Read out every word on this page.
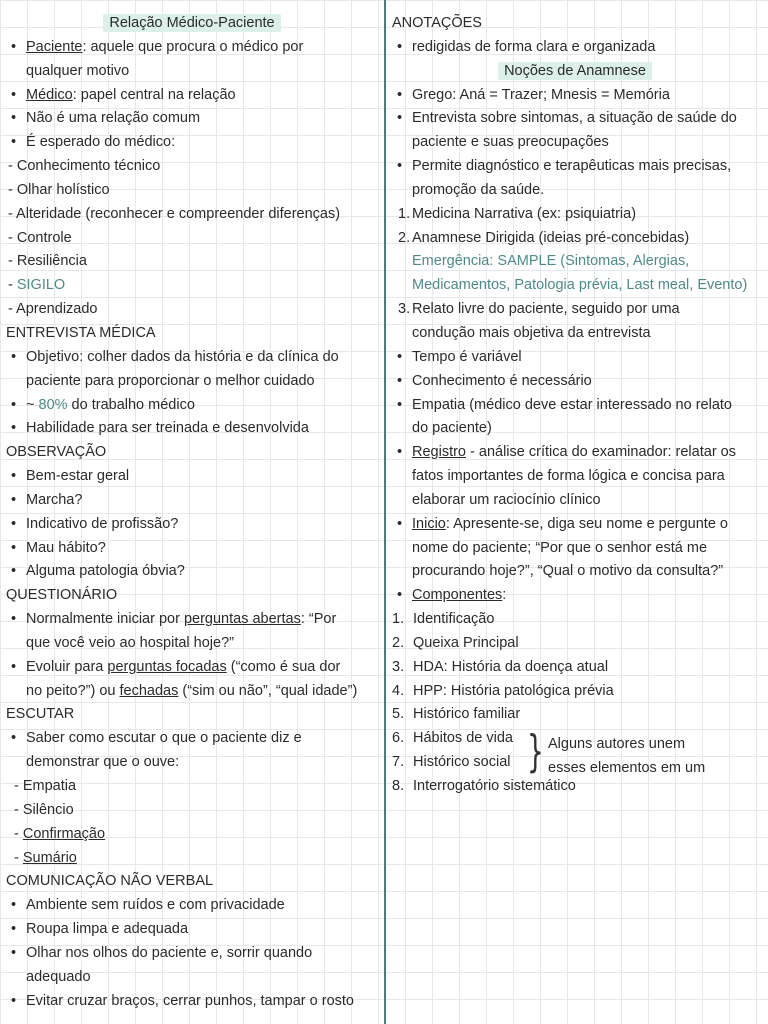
Relação Médico-Paciente
• Paciente: aquele que procura o médico por
qualquer motivo
• Médico: papel central na relação
• Não é uma relação comum
• É esperado do médico:
- Conhecimento técnico
- Olhar holístico
- Alteridade (reconhecer e compreender diferenças)
- Controle
- Resiliência
- SIGILO
- Aprendizado
ENTREVISTA MÉDICA
• Objetivo: colher dados da história e da clínica do
paciente para proporcionar o melhor cuidado
• ~ 80% do trabalho médico
• Habilidade para ser treinada e desenvolvida
OBSERVAÇÃO
• Bem-estar geral
• Marcha?
• Indicativo de profissão?
• Mau hábito?
• Alguma patologia óbvia?
QUESTIONÁRIO
• Normalmente iniciar por perguntas abertas: “Por
que você veio ao hospital hoje?”
• Evoluir para perguntas focadas (“como é sua dor
no peito?”) ou fechadas (“sim ou não”, “qual idade”)
ESCUTAR
• Saber como escutar o que o paciente diz e
demonstrar que o ouve:
- Empatia
- Silêncio
- Confirmação
- Sumário
COMUNICAÇÃO NÃO VERBAL
• Ambiente sem ruídos e com privacidade
• Roupa limpa e adequada
• Olhar nos olhos do paciente e, sorrir quando
adequado
• Evitar cruzar braços, cerrar punhos, tampar o rosto
ANOTAÇÕES
• redigidas de forma clara e organizada
Noções de Anamnese
• Grego: Aná = Trazer; Mnesis = Memória
• Entrevista sobre sintomas, a situação de saúde do
paciente e suas preocupações
• Permite diagnóstico e terapêuticas mais precisas,
promoção da saúde.
1. Medicina Narrativa (ex: psiquiatria)
2. Anamnese Dirigida (ideias pré-concebidas)
Emergência: SAMPLE (Sintomas, Alergias,
Medicamentos, Patologia prévia, Last meal, Evento)
3. Relato livre do paciente, seguido por uma
condução mais objetiva da entrevista
• Tempo é variável
• Conhecimento é necessário
• Empatia (médico deve estar interessado no relato
do paciente)
• Registro - análise crítica do examinador: relatar os
fatos importantes de forma lógica e concisa para
elaborar um raciocínio clínico
• Inicio: Apresente-se, diga seu nome e pergunte o
nome do paciente; “Por que o senhor está me
procurando hoje?”, “Qual o motivo da consulta?”
• Componentes:
1. Identificação
2. Queixa Principal
3. HDA: História da doença atual
4. HPP: História patológica prévia
5. Histórico familiar
6. Hábitos de vida
7. Histórico social
8. Interrogatório sistemático
} Alguns autores unem
esses elementos em um
